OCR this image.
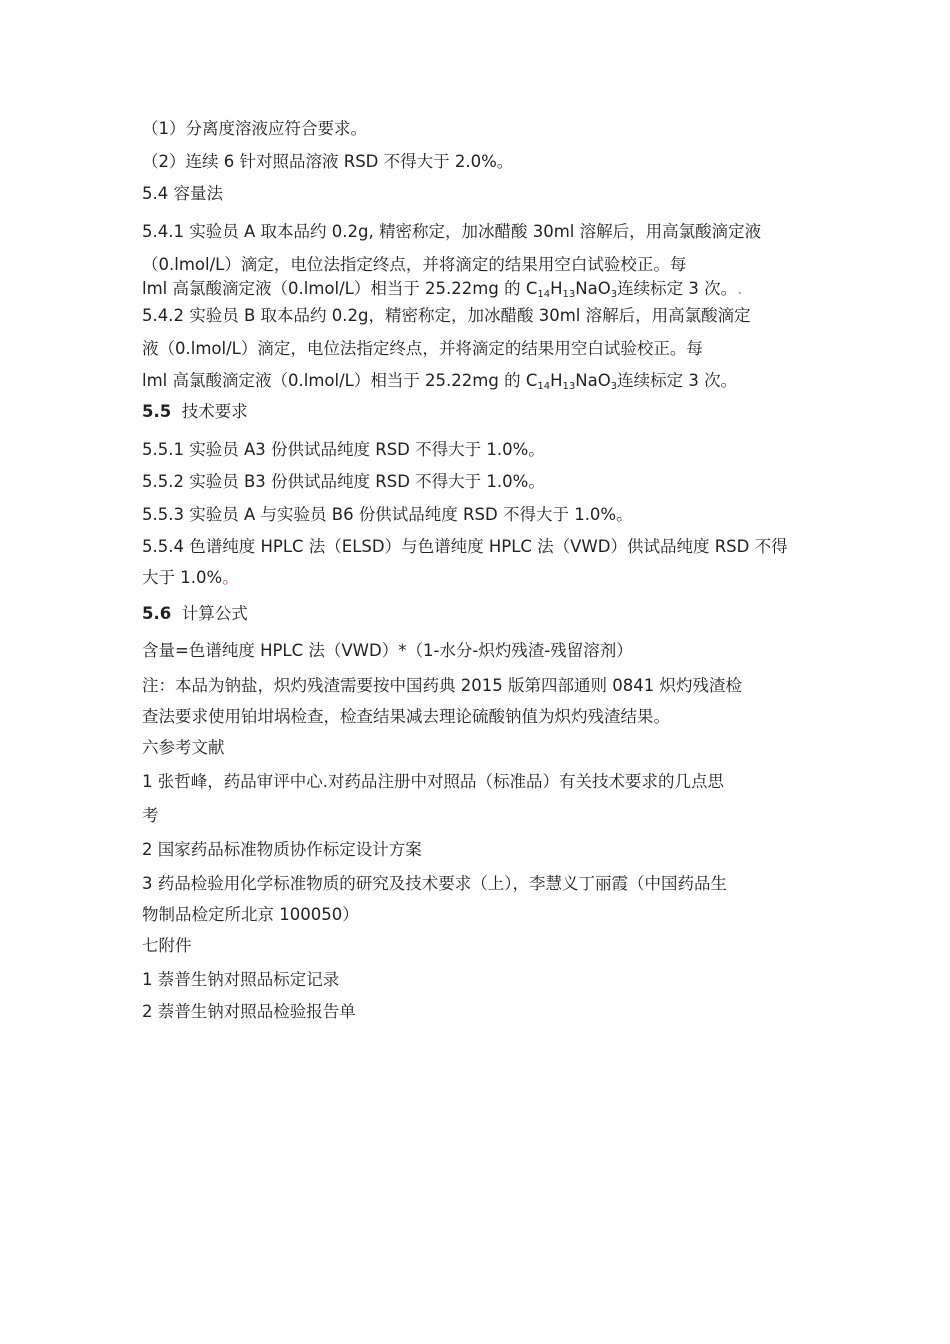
（1）分离度溶液应符合要求。
（2）连续 6 针对照品溶液 RSD 不得大于 2.0%。
5.4 容量法
5.4.1 实验员 A 取本品约 0.2g, 精密称定，加冰醋酸 30ml 溶解后，用高氯酸滴定液
（0.lmol/L）滴定，电位法指定终点，并将滴定的结果用空白试验校正。每
lml 高氯酸滴定液（0.lmol/L）相当于 25.22mg 的 $C_{14}H_{13}NaO_3$连续标定 3 次。.
5.4.2 实验员 B 取本品约 0.2g，精密称定，加冰醋酸 30ml 溶解后，用高氯酸滴定
液（0.lmol/L）滴定，电位法指定终点，并将滴定的结果用空白试验校正。每
lml 高氯酸滴定液（0.lmol/L）相当于 25.22mg 的 $C_{14}H_{13}NaO_3$连续标定 3 次。
5.5 技术要求
5.5.1 实验员 A3 份供试品纯度 RSD 不得大于 1.0%。
5.5.2 实验员 B3 份供试品纯度 RSD 不得大于 1.0%。
5.5.3 实验员 A 与实验员 B6 份供试品纯度 RSD 不得大于 1.0%。
5.5.4 色谱纯度 HPLC 法（ELSD）与色谱纯度 HPLC 法（VWD）供试品纯度 RSD 不得
大于 1.0%。
5.6 计算公式
含量=色谱纯度 HPLC 法（VWD）*（1-水分-炽灼残渣-残留溶剂）
注：本品为钠盐，炽灼残渣需要按中国药典 2015 版第四部通则 0841 炽灼残渣检
查法要求使用铂坩埚检查，检查结果减去理论硫酸钠值为炽灼残渣结果。
六参考文献
1 张哲峰，药品审评中心.对药品注册中对照品（标准品）有关技术要求的几点思
考
2 国家药品标准物质协作标定设计方案
3 药品检验用化学标准物质的研究及技术要求（上），李慧义丁丽霞（中国药品生
物制品检定所北京 100050）
七附件
1 萘普生钠对照品标定记录
2 萘普生钠对照品检验报告单
